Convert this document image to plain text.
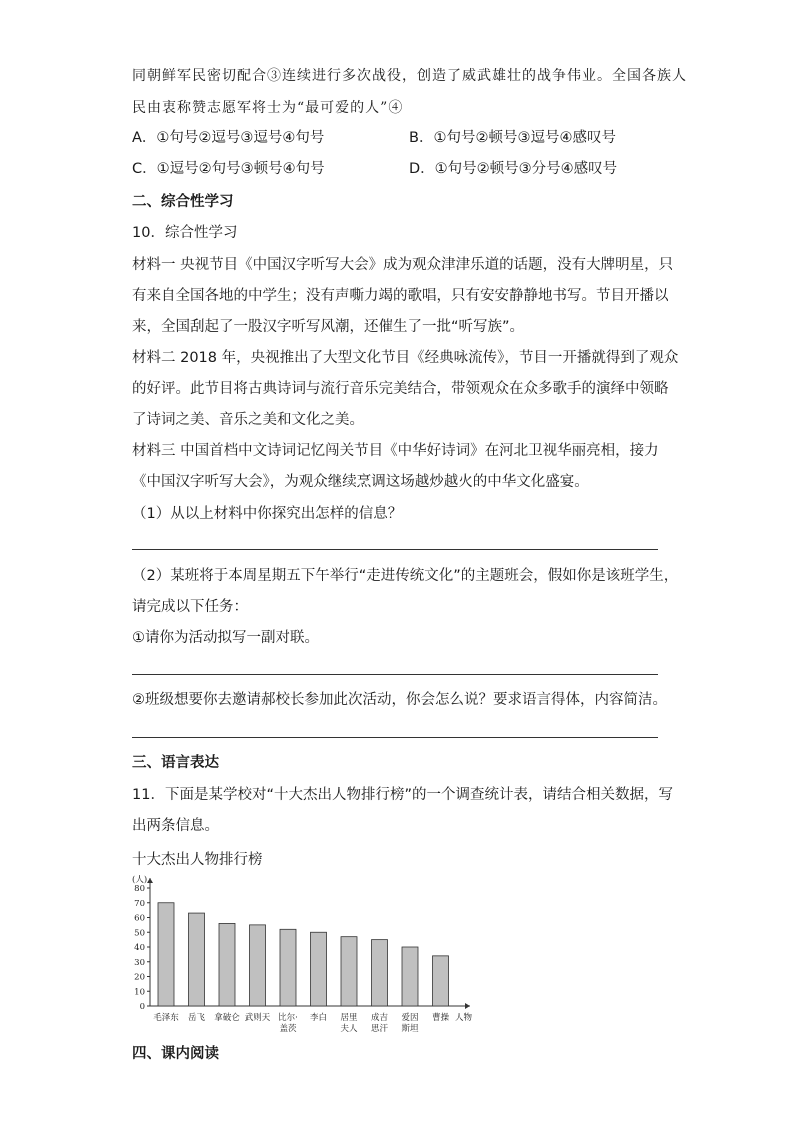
同朝鲜军民密切配合③连续进行多次战役，创造了威武雄壮的战争伟业。全国各族人
民由衷称赞志愿军将士为“最可爱的人”④
A．①句号②逗号③逗号④句号	B．①句号②顿号③逗号④感叹号
C．①逗号②句号③顿号④句号	D．①句号②顿号③分号④感叹号
二、综合性学习
10．综合性学习
材料一 央视节目《中国汉字听写大会》成为观众津津乐道的话题，没有大牌明星，只
有来自全国各地的中学生；没有声嘶力竭的歌唱，只有安安静静地书写。节目开播以
来，全国刮起了一股汉字听写风潮，还催生了一批“听写族”。
材料二 2018 年，央视推出了大型文化节目《经典咏流传》，节目一开播就得到了观众
的好评。此节目将古典诗词与流行音乐完美结合，带领观众在众多歌手的演绎中领略
了诗词之美、音乐之美和文化之美。
材料三 中国首档中文诗词记忆闯关节目《中华好诗词》在河北卫视华丽亮相，接力
《中国汉字听写大会》，为观众继续烹调这场越炒越火的中华文化盛宴。
（1）从以上材料中你探究出怎样的信息？
（2）某班将于本周星期五下午举行“走进传统文化”的主题班会，假如你是该班学生，
请完成以下任务：
①请你为活动拟写一副对联。
②班级想要你去邀请郝校长参加此次活动，你会怎么说？要求语言得体，内容简洁。
三、语言表达
11．下面是某学校对“十大杰出人物排行榜”的一个调查统计表，请结合相关数据，写
出两条信息。
十大杰出人物排行榜
(人)
0
10
20
30
40
50
60
70
80
毛泽东 岳飞 拿破仑 武则天 比尔·
盖茨
李白 居里
夫人
成吉
思汗
爱因
斯坦
曹操 人物
四、课内阅读
